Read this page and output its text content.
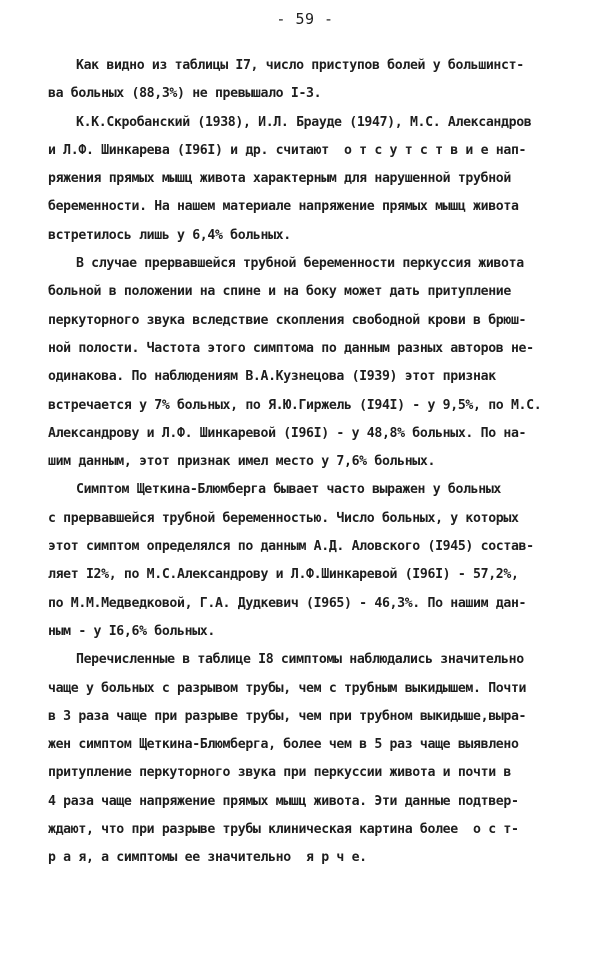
- 59 -
Как видно из таблицы I7, число приступов болей у большинст-
ва больных (88,3%) не превышало I-3.
К.К.Скробанский (1938), И.Л. Брауде (1947), М.С. Александров
и Л.Ф. Шинкарева (I96I) и др. считают  о т с у т с т в и е нап-
ряжения прямых мышц живота характерным для нарушенной трубной
беременности. На нашем материале напряжение прямых мышц живота
встретилось лишь у 6,4% больных.
В случае прервавшейся трубной беременности перкуссия живота
больной в положении на спине и на боку может дать притупление
перкуторного звука вследствие скопления свободной крови в брюш-
ной полости. Частота этого симптома по данным разных авторов не-
одинакова. По наблюдениям В.А.Кузнецова (I939) этот признак
встречается у 7% больных, по Я.Ю.Гиржель (I94I) - у 9,5%, по М.С.
Александрову и Л.Ф. Шинкаревой (I96I) - у 48,8% больных. По на-
шим данным, этот признак имел место у 7,6% больных.
Симптом Щеткина-Блюмберга бывает часто выражен у больных
с прервавшейся трубной беременностью. Число больных, у которых
этот симптом определялся по данным А.Д. Аловского (I945) состав-
ляет I2%, по М.С.Александрову и Л.Ф.Шинкаревой (I96I) - 57,2%,
по М.М.Медведковой, Г.А. Дудкевич (I965) - 46,3%. По нашим дан-
ным - у I6,6% больных.
Перечисленные в таблице I8 симптомы наблюдались значительно
чаще у больных с разрывом трубы, чем с трубным выкидышем. Почти
в 3 раза чаще при разрыве трубы, чем при трубном выкидыше,выра-
жен симптом Щеткина-Блюмберга, более чем в 5 раз чаще выявлено
притупление перкуторного звука при перкуссии живота и почти в
4 раза чаще напряжение прямых мышц живота. Эти данные подтвер-
ждают, что при разрыве трубы клиническая картина более  о с т-
р а я, а симптомы ее значительно  я р ч е.
